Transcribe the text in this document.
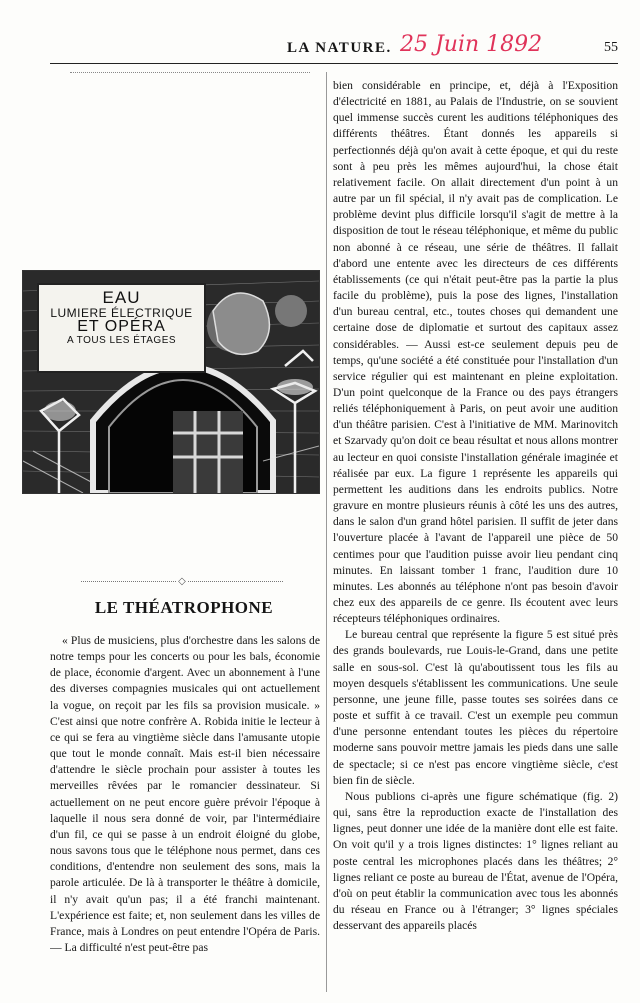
LA NATURE. 25 Juin 1892	55
EAU
LUMIERE ÉLECTRIQUE
ET OPÉRA
A TOUS LES ÉTAGES
◇
LE THÉATROPHONE

« Plus de musiciens, plus d'orchestre dans les salons de notre temps pour les concerts ou pour les bals, économie de place, économie d'argent. Avec un abonnement à l'une des diverses compagnies musicales qui ont actuellement la vogue, on reçoit par les fils sa provision musicale. » C'est ainsi que notre confrère A. Robida initie le lecteur à ce qui se fera au vingtième siècle dans l'amusante utopie que tout le monde connaît. Mais est-il bien nécessaire d'attendre le siècle prochain pour assister à toutes les merveilles rêvées par le romancier dessinateur. Si actuellement on ne peut encore guère prévoir l'époque à laquelle il nous sera donné de voir, par l'intermédiaire d'un fil, ce qui se passe à un endroit éloigné du globe, nous savons tous que le téléphone nous permet, dans ces conditions, d'entendre non seulement des sons, mais la parole articulée. De là à transporter le théâtre à domicile, il n'y avait qu'un pas; il a été franchi maintenant. L'expérience est faite; et, non seulement dans les villes de France, mais à Londres on peut entendre l'Opéra de Paris. — La difficulté n'est peut-être pas

bien considérable en principe, et, déjà à l'Exposition d'électricité en 1881, au Palais de l'Industrie, on se souvient quel immense succès curent les auditions téléphoniques des différents théâtres. Étant donnés les appareils si perfectionnés déjà qu'on avait à cette époque, et qui du reste sont à peu près les mêmes aujourd'hui, la chose était relativement facile. On allait directement d'un point à un autre par un fil spécial, il n'y avait pas de complication. Le problème devint plus difficile lorsqu'il s'agit de mettre à la disposition de tout le réseau téléphonique, et même du public non abonné à ce réseau, une série de théâtres. Il fallait d'abord une entente avec les directeurs de ces différents établissements (ce qui n'était peut-être pas la partie la plus facile du problème), puis la pose des lignes, l'installation d'un bureau central, etc., toutes choses qui demandent une certaine dose de diplomatie et surtout des capitaux assez considérables. — Aussi est-ce seulement depuis peu de temps, qu'une société a été constituée pour l'installation d'un service régulier qui est maintenant en pleine exploitation. D'un point quelconque de la France ou des pays étrangers reliés téléphoniquement à Paris, on peut avoir une audition d'un théâtre parisien. C'est à l'initiative de MM. Marinovitch et Szarvady qu'on doit ce beau résultat et nous allons montrer au lecteur en quoi consiste l'installation générale imaginée et réalisée par eux. La figure 1 représente les appareils qui permettent les auditions dans les endroits publics. Notre gravure en montre plusieurs réunis à côté les uns des autres, dans le salon d'un grand hôtel parisien. Il suffit de jeter dans l'ouverture placée à l'avant de l'appareil une pièce de 50 centimes pour que l'audition puisse avoir lieu pendant cinq minutes. En laissant tomber 1 franc, l'audition dure 10 minutes. Les abonnés au téléphone n'ont pas besoin d'avoir chez eux des appareils de ce genre. Ils écoutent avec leurs récepteurs téléphoniques ordinaires.

Le bureau central que représente la figure 5 est situé près des grands boulevards, rue Louis-le-Grand, dans une petite salle en sous-sol. C'est là qu'aboutissent tous les fils au moyen desquels s'établissent les communications. Une seule personne, une jeune fille, passe toutes ses soirées dans ce poste et suffit à ce travail. C'est un exemple peu commun d'une personne entendant toutes les pièces du répertoire moderne sans pouvoir mettre jamais les pieds dans une salle de spectacle; si ce n'est pas encore vingtième siècle, c'est bien fin de siècle.

Nous publions ci-après une figure schématique (fig. 2) qui, sans être la reproduction exacte de l'installation des lignes, peut donner une idée de la manière dont elle est faite. On voit qu'il y a trois lignes distinctes: 1° lignes reliant au poste central les microphones placés dans les théâtres; 2° lignes reliant ce poste au bureau de l'État, avenue de l'Opéra, d'où on peut établir la communication avec tous les abonnés du réseau en France ou à l'étranger; 3° lignes spéciales desservant des appareils placés
